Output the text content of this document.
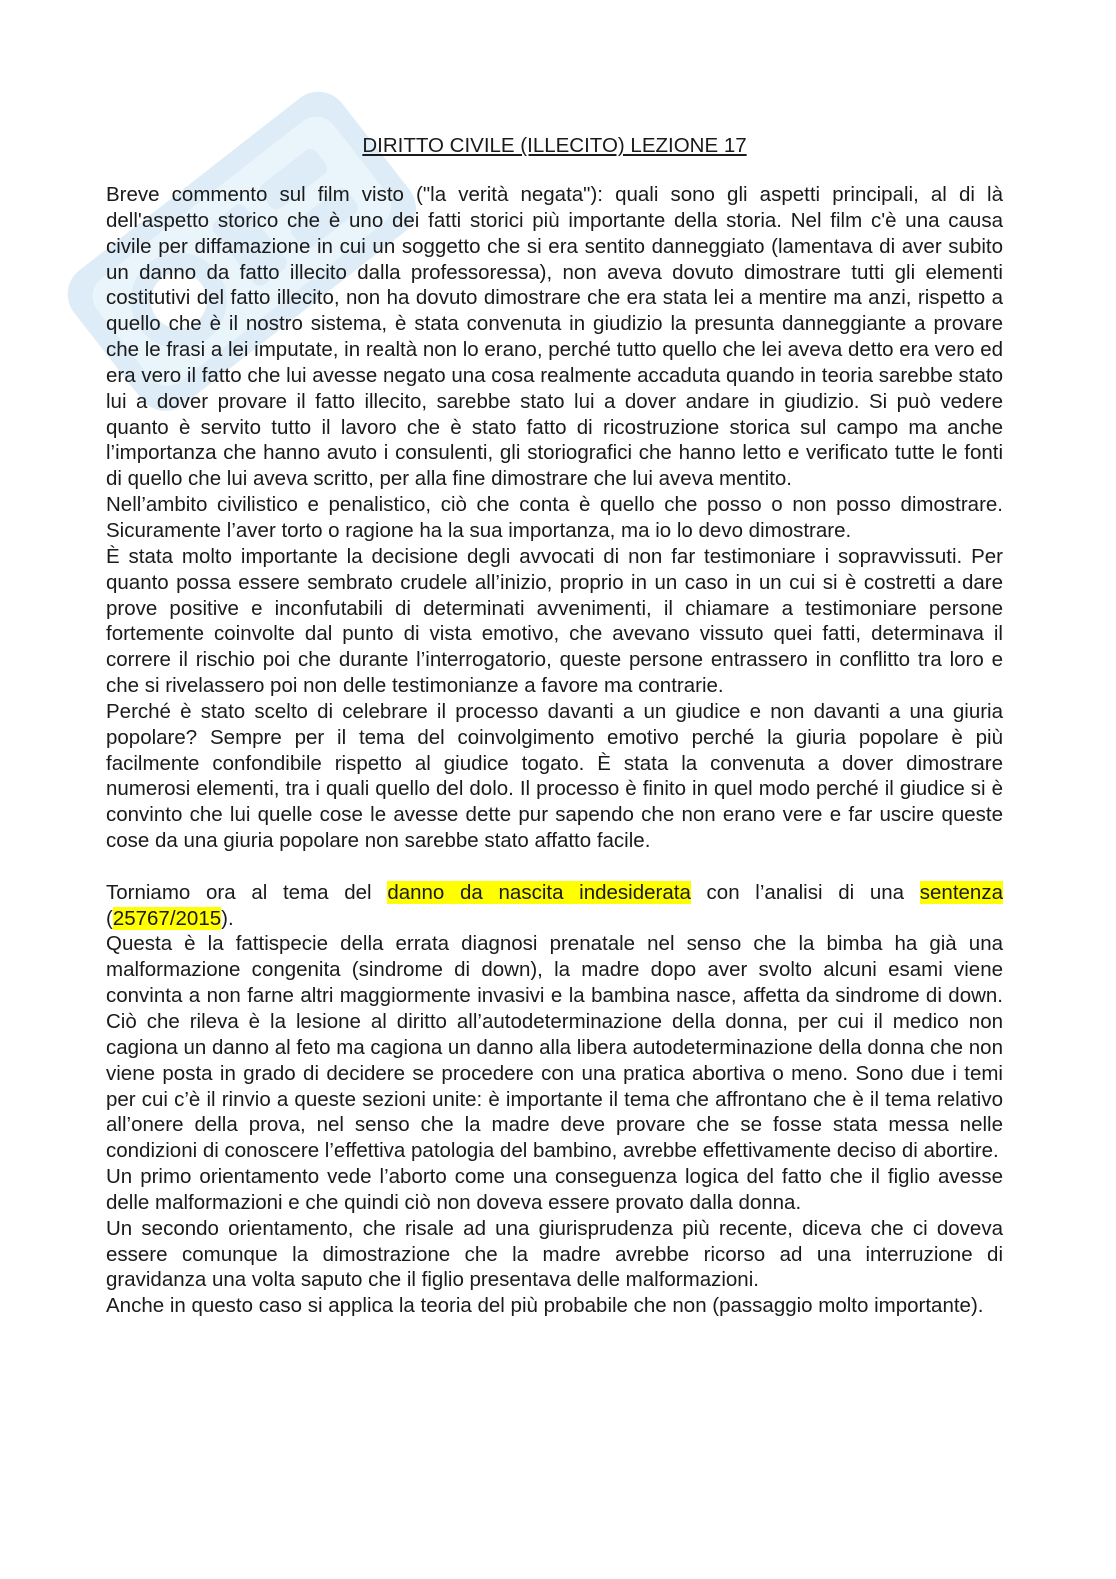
DIRITTO CIVILE (ILLECITO) LEZIONE 17

Breve commento sul film visto ("la verità negata"): quali sono gli aspetti principali, al di là dell'aspetto storico che è uno dei fatti storici più importante della storia. Nel film c'è una causa civile per diffamazione in cui un soggetto che si era sentito danneggiato (lamentava di aver subito un danno da fatto illecito dalla professoressa), non aveva dovuto dimostrare tutti gli elementi costitutivi del fatto illecito, non ha dovuto dimostrare che era stata lei a mentire ma anzi, rispetto a quello che è il nostro sistema, è stata convenuta in giudizio la presunta danneggiante a provare che le frasi a lei imputate, in realtà non lo erano, perché tutto quello che lei aveva detto era vero ed era vero il fatto che lui avesse negato una cosa realmente accaduta quando in teoria sarebbe stato lui a dover provare il fatto illecito, sarebbe stato lui a dover andare in giudizio. Si può vedere quanto è servito tutto il lavoro che è stato fatto di ricostruzione storica sul campo ma anche l’importanza che hanno avuto i consulenti, gli storiografici che hanno letto e verificato tutte le fonti di quello che lui aveva scritto, per alla fine dimostrare che lui aveva mentito.

Nell’ambito civilistico e penalistico, ciò che conta è quello che posso o non posso dimostrare. Sicuramente l’aver torto o ragione ha la sua importanza, ma io lo devo dimostrare.

È stata molto importante la decisione degli avvocati di non far testimoniare i sopravvissuti. Per quanto possa essere sembrato crudele all’inizio, proprio in un caso in un cui si è costretti a dare prove positive e inconfutabili di determinati avvenimenti, il chiamare a testimoniare persone fortemente coinvolte dal punto di vista emotivo, che avevano vissuto quei fatti, determinava il correre il rischio poi che durante l’interrogatorio, queste persone entrassero in conflitto tra loro e che si rivelassero poi non delle testimonianze a favore ma contrarie.

Perché è stato scelto di celebrare il processo davanti a un giudice e non davanti a una giuria popolare? Sempre per il tema del coinvolgimento emotivo perché la giuria popolare è più facilmente confondibile rispetto al giudice togato. È stata la convenuta a dover dimostrare numerosi elementi, tra i quali quello del dolo. Il processo è finito in quel modo perché il giudice si è convinto che lui quelle cose le avesse dette pur sapendo che non erano vere e far uscire queste cose da una giuria popolare non sarebbe stato affatto facile.

Torniamo ora al tema del danno da nascita indesiderata con l’analisi di una sentenza (25767/2015).

Questa è la fattispecie della errata diagnosi prenatale nel senso che la bimba ha già una malformazione congenita (sindrome di down), la madre dopo aver svolto alcuni esami viene convinta a non farne altri maggiormente invasivi e la bambina nasce, affetta da sindrome di down. Ciò che rileva è la lesione al diritto all’autodeterminazione della donna, per cui il medico non cagiona un danno al feto ma cagiona un danno alla libera autodeterminazione della donna che non viene posta in grado di decidere se procedere con una pratica abortiva o meno. Sono due i temi per cui c’è il rinvio a queste sezioni unite: è importante il tema che affrontano che è il tema relativo all’onere della prova, nel senso che la madre deve provare che se fosse stata messa nelle condizioni di conoscere l’effettiva patologia del bambino, avrebbe effettivamente deciso di abortire.

Un primo orientamento vede l’aborto come una conseguenza logica del fatto che il figlio avesse delle malformazioni e che quindi ciò non doveva essere provato dalla donna.

Un secondo orientamento, che risale ad una giurisprudenza più recente, diceva che ci doveva essere comunque la dimostrazione che la madre avrebbe ricorso ad una interruzione di gravidanza una volta saputo che il figlio presentava delle malformazioni.

Anche in questo caso si applica la teoria del più probabile che non (passaggio molto importante).
